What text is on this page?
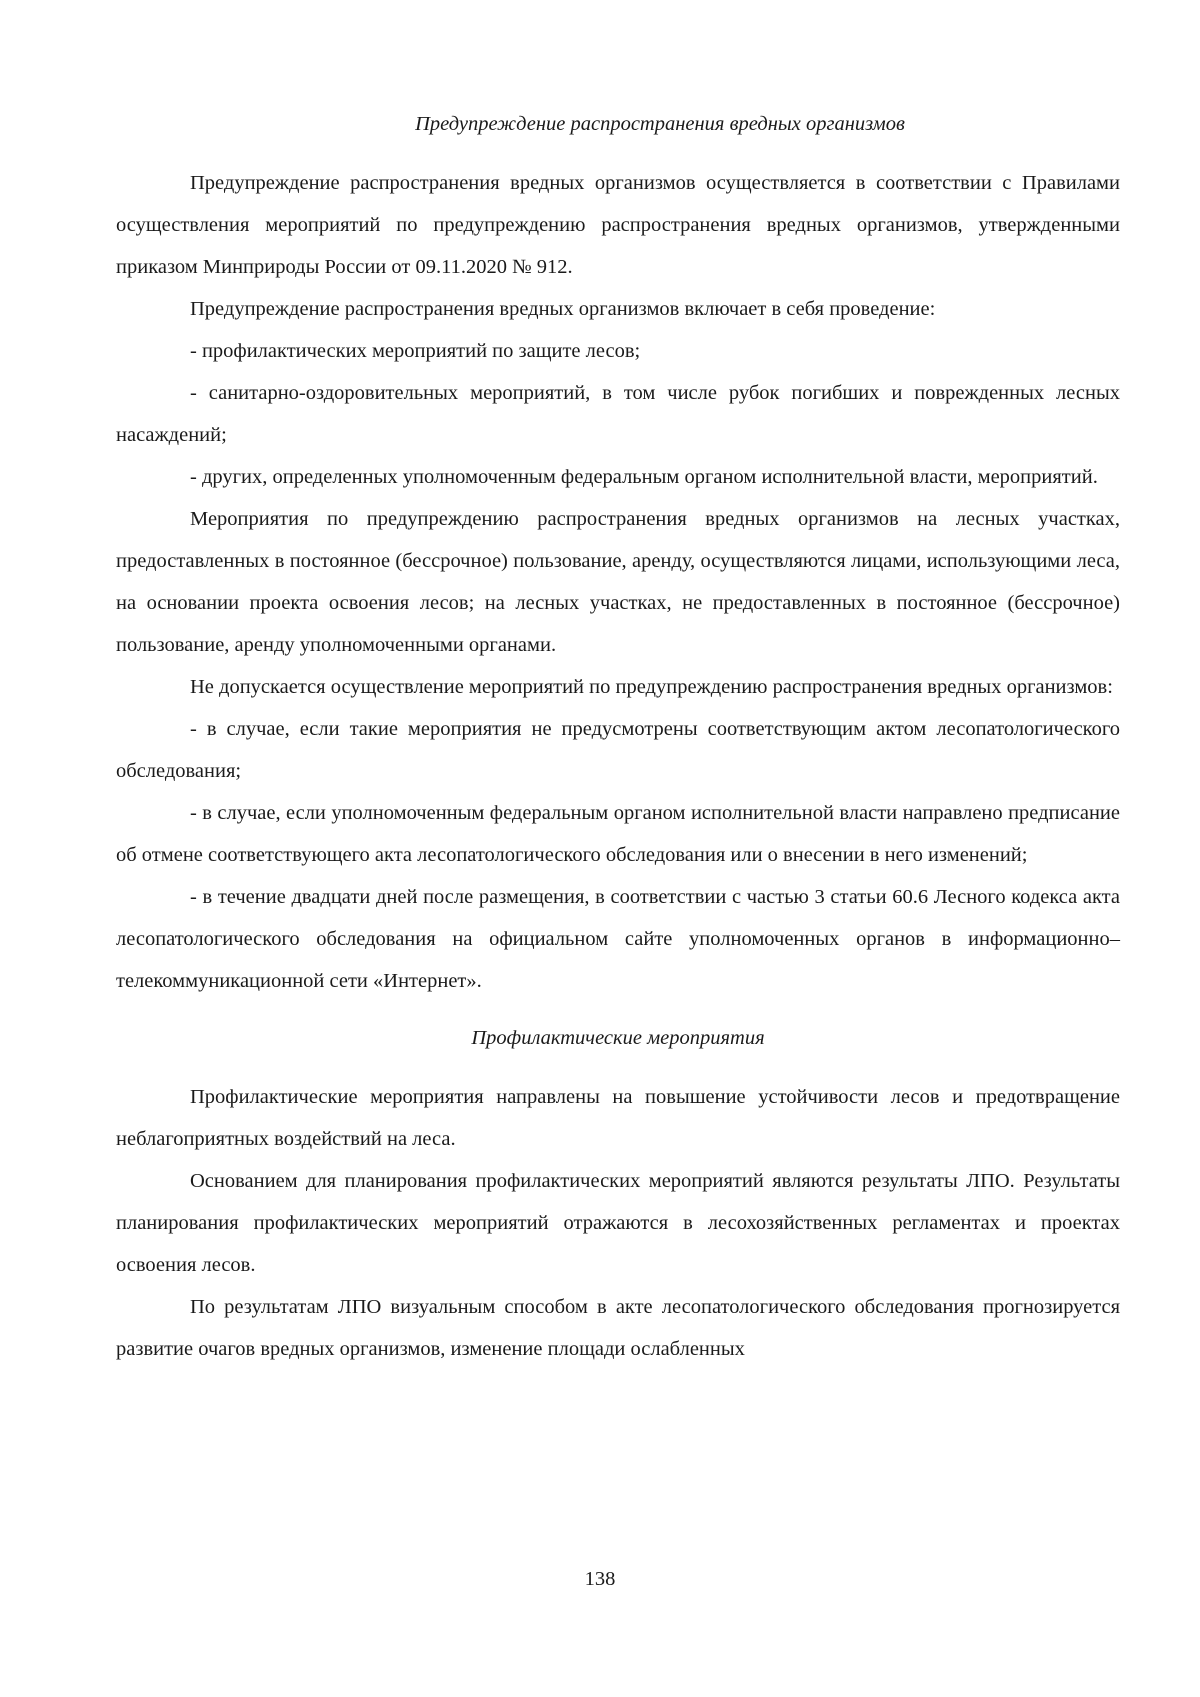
Предупреждение распространения вредных организмов

Предупреждение распространения вредных организмов осуществляется в соответствии с Правилами осуществления мероприятий по предупреждению распространения вредных организмов, утвержденными приказом Минприроды России от 09.11.2020 № 912.

Предупреждение распространения вредных организмов включает в себя проведение:

- профилактических мероприятий по защите лесов;

- санитарно-оздоровительных мероприятий, в том числе рубок погибших и поврежденных лесных насаждений;

- других, определенных уполномоченным федеральным органом исполнительной власти, мероприятий.

Мероприятия по предупреждению распространения вредных организмов на лесных участках, предоставленных в постоянное (бессрочное) пользование, аренду, осуществляются лицами, использующими леса, на основании проекта освоения лесов; на лесных участках, не предоставленных в постоянное (бессрочное) пользование, аренду уполномоченными органами.

Не допускается осуществление мероприятий по предупреждению распространения вредных организмов:

- в случае, если такие мероприятия не предусмотрены соответствующим актом лесопатологического обследования;

- в случае, если уполномоченным федеральным органом исполнительной власти направлено предписание об отмене соответствующего акта лесопатологического обследования или о внесении в него изменений;

- в течение двадцати дней после размещения, в соответствии с частью 3 статьи 60.6 Лесного кодекса акта лесопатологического обследования на официальном сайте уполномоченных органов в информационно–телекоммуникационной сети «Интернет».

Профилактические мероприятия

Профилактические мероприятия направлены на повышение устойчивости лесов и предотвращение неблагоприятных воздействий на леса.

Основанием для планирования профилактических мероприятий являются результаты ЛПО. Результаты планирования профилактических мероприятий отражаются в лесохозяйственных регламентах и проектах освоения лесов.

По результатам ЛПО визуальным способом в акте лесопатологического обследования прогнозируется развитие очагов вредных организмов, изменение площади ослабленных

138
